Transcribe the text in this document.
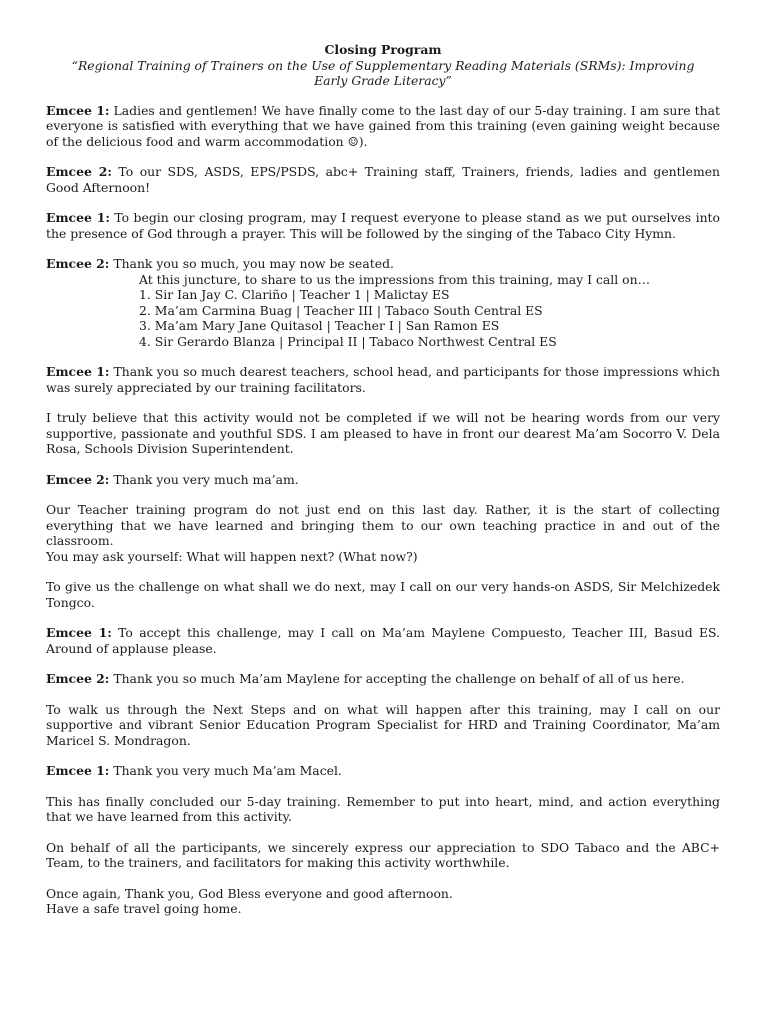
Closing Program
“Regional Training of Trainers on the Use of Supplementary Reading Materials (SRMs): Improving Early Grade Literacy”

Emcee 1: Ladies and gentlemen! We have finally come to the last day of our 5-day training. I am sure that everyone is satisfied with everything that we have gained from this training (even gaining weight because of the delicious food and warm accommodation ☺).

Emcee 2: To our SDS, ASDS, EPS/PSDS, abc+ Training staff, Trainers, friends, ladies and gentlemen Good Afternoon!

Emcee 1: To begin our closing program, may I request everyone to please stand as we put ourselves into the presence of God through a prayer. This will be followed by the singing of the Tabaco City Hymn.

Emcee 2: Thank you so much, you may now be seated.

At this juncture, to share to us the impressions from this training, may I call on…

1. Sir Ian Jay C. Clariño | Teacher 1 | Malictay ES
2. Ma’am Carmina Buag | Teacher III | Tabaco South Central ES
3. Ma’am Mary Jane Quitasol | Teacher I | San Ramon ES
4. Sir Gerardo Blanza | Principal II | Tabaco Northwest Central ES

Emcee 1: Thank you so much dearest teachers, school head, and participants for those impressions which was surely appreciated by our training facilitators.

I truly believe that this activity would not be completed if we will not be hearing words from our very supportive, passionate and youthful SDS. I am pleased to have in front our dearest Ma’am Socorro V. Dela Rosa, Schools Division Superintendent.

Emcee 2: Thank you very much ma’am.

Our Teacher training program do not just end on this last day. Rather, it is the start of collecting everything that we have learned and bringing them to our own teaching practice in and out of the classroom.

You may ask yourself: What will happen next? (What now?)

To give us the challenge on what shall we do next, may I call on our very hands-on ASDS, Sir Melchizedek Tongco.

Emcee 1: To accept this challenge, may I call on Ma’am Maylene Compuesto, Teacher III, Basud ES. Around of applause please.

Emcee 2: Thank you so much Ma’am Maylene for accepting the challenge on behalf of all of us here.

To walk us through the Next Steps and on what will happen after this training, may I call on our supportive and vibrant Senior Education Program Specialist for HRD and Training Coordinator, Ma’am Maricel S. Mondragon.

Emcee 1: Thank you very much Ma’am Macel.

This has finally concluded our 5-day training. Remember to put into heart, mind, and action everything that we have learned from this activity.

On behalf of all the participants, we sincerely express our appreciation to SDO Tabaco and the ABC+ Team, to the trainers, and facilitators for making this activity worthwhile.

Once again, Thank you, God Bless everyone and good afternoon.

Have a safe travel going home.
